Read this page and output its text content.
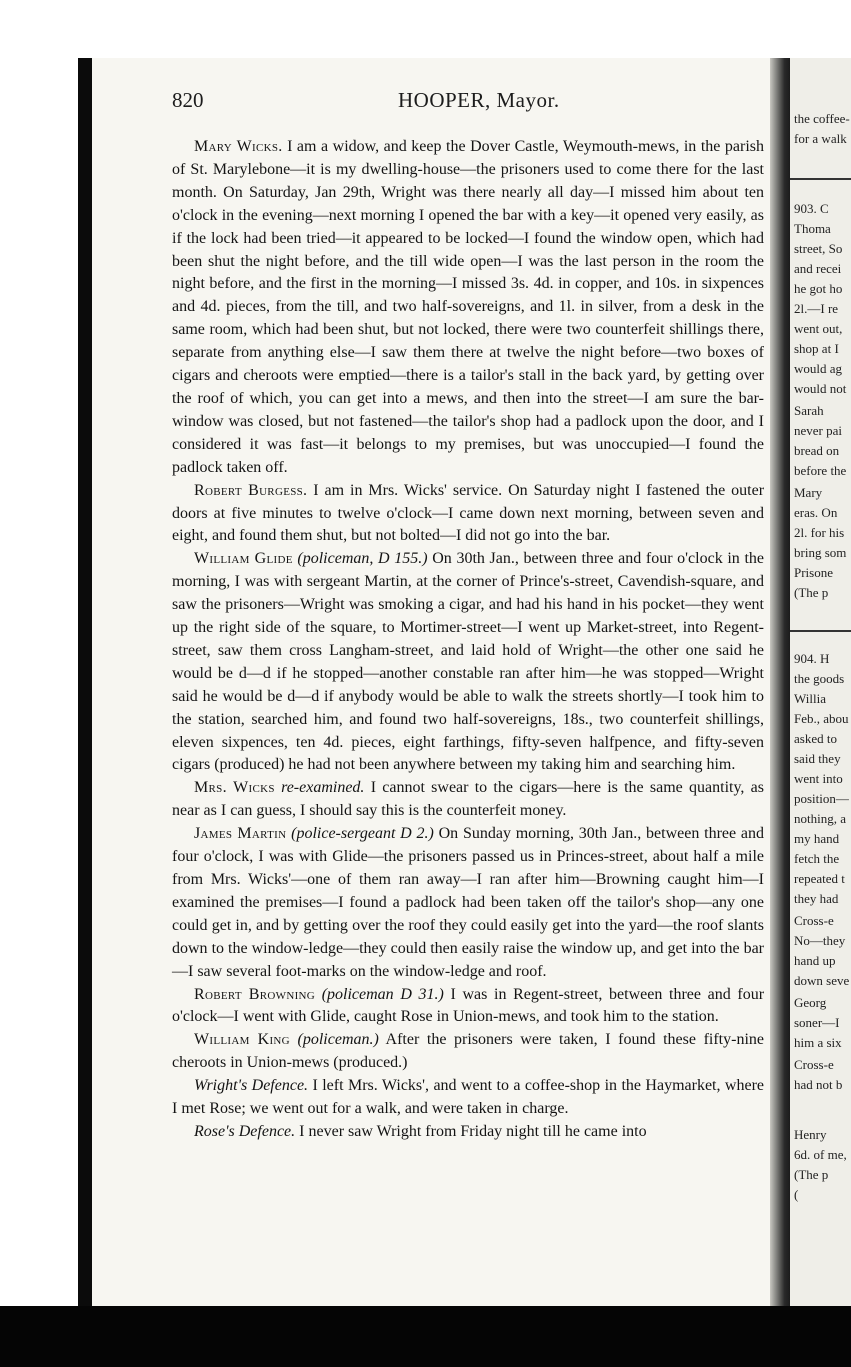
820	HOOPER, Mayor.

Mary Wicks. I am a widow, and keep the Dover Castle, Weymouth-mews, in the parish of St. Marylebone—it is my dwelling-house—the prisoners used to come there for the last month. On Saturday, Jan 29th, Wright was there nearly all day—I missed him about ten o'clock in the evening—next morning I opened the bar with a key—it opened very easily, as if the lock had been tried—it appeared to be locked—I found the window open, which had been shut the night before, and the till wide open—I was the last person in the room the night before, and the first in the morning—I missed 3s. 4d. in copper, and 10s. in sixpences and 4d. pieces, from the till, and two half-sovereigns, and 1l. in silver, from a desk in the same room, which had been shut, but not locked, there were two counterfeit shillings there, separate from anything else—I saw them there at twelve the night before—two boxes of cigars and cheroots were emptied—there is a tailor's stall in the back yard, by getting over the roof of which, you can get into a mews, and then into the street—I am sure the bar-window was closed, but not fastened—the tailor's shop had a padlock upon the door, and I considered it was fast—it belongs to my premises, but was unoccupied—I found the padlock taken off.

Robert Burgess. I am in Mrs. Wicks' service. On Saturday night I fastened the outer doors at five minutes to twelve o'clock—I came down next morning, between seven and eight, and found them shut, but not bolted—I did not go into the bar.

William Glide (policeman, D 155.) On 30th Jan., between three and four o'clock in the morning, I was with sergeant Martin, at the corner of Prince's-street, Cavendish-square, and saw the prisoners—Wright was smoking a cigar, and had his hand in his pocket—they went up the right side of the square, to Mortimer-street—I went up Market-street, into Regent-street, saw them cross Langham-street, and laid hold of Wright—the other one said he would be d—d if he stopped—another constable ran after him—he was stopped—Wright said he would be d—d if anybody would be able to walk the streets shortly—I took him to the station, searched him, and found two half-sovereigns, 18s., two counterfeit shillings, eleven sixpences, ten 4d. pieces, eight farthings, fifty-seven halfpence, and fifty-seven cigars (produced) he had not been anywhere between my taking him and searching him.

Mrs. Wicks re-examined. I cannot swear to the cigars—here is the same quantity, as near as I can guess, I should say this is the counterfeit money.

James Martin (police-sergeant D 2.) On Sunday morning, 30th Jan., between three and four o'clock, I was with Glide—the prisoners passed us in Princes-street, about half a mile from Mrs. Wicks'—one of them ran away—I ran after him—Browning caught him—I examined the premises—I found a padlock had been taken off the tailor's shop—any one could get in, and by getting over the roof they could easily get into the yard—the roof slants down to the window-ledge—they could then easily raise the window up, and get into the bar—I saw several foot-marks on the window-ledge and roof.

Robert Browning (policeman D 31.) I was in Regent-street, between three and four o'clock—I went with Glide, caught Rose in Union-mews, and took him to the station.

William King (policeman.) After the prisoners were taken, I found these fifty-nine cheroots in Union-mews (produced.)

Wright's Defence. I left Mrs. Wicks', and went to a coffee-shop in the Haymarket, where I met Rose; we went out for a walk, and were taken in charge.

Rose's Defence. I never saw Wright from Friday night till he came into

the coffee-
for a walk
903. C
Thoma
street, So
and recei
he got ho
2l.—I re
went out,
shop at I
would ag
would not
Sarah
never pai
bread on
before the
Mary
eras. On
2l. for his
bring som
Prisone
(The p
904. H
the goods
Willia
Feb., abou
asked to
said they
went into
position—
nothing, a
my hand
fetch the
repeated t
they had
Cross-e
No—they
hand up
down seve
Georg
soner—I
him a six
Cross-e
had not b
Henry
6d. of me,
(The p
(
